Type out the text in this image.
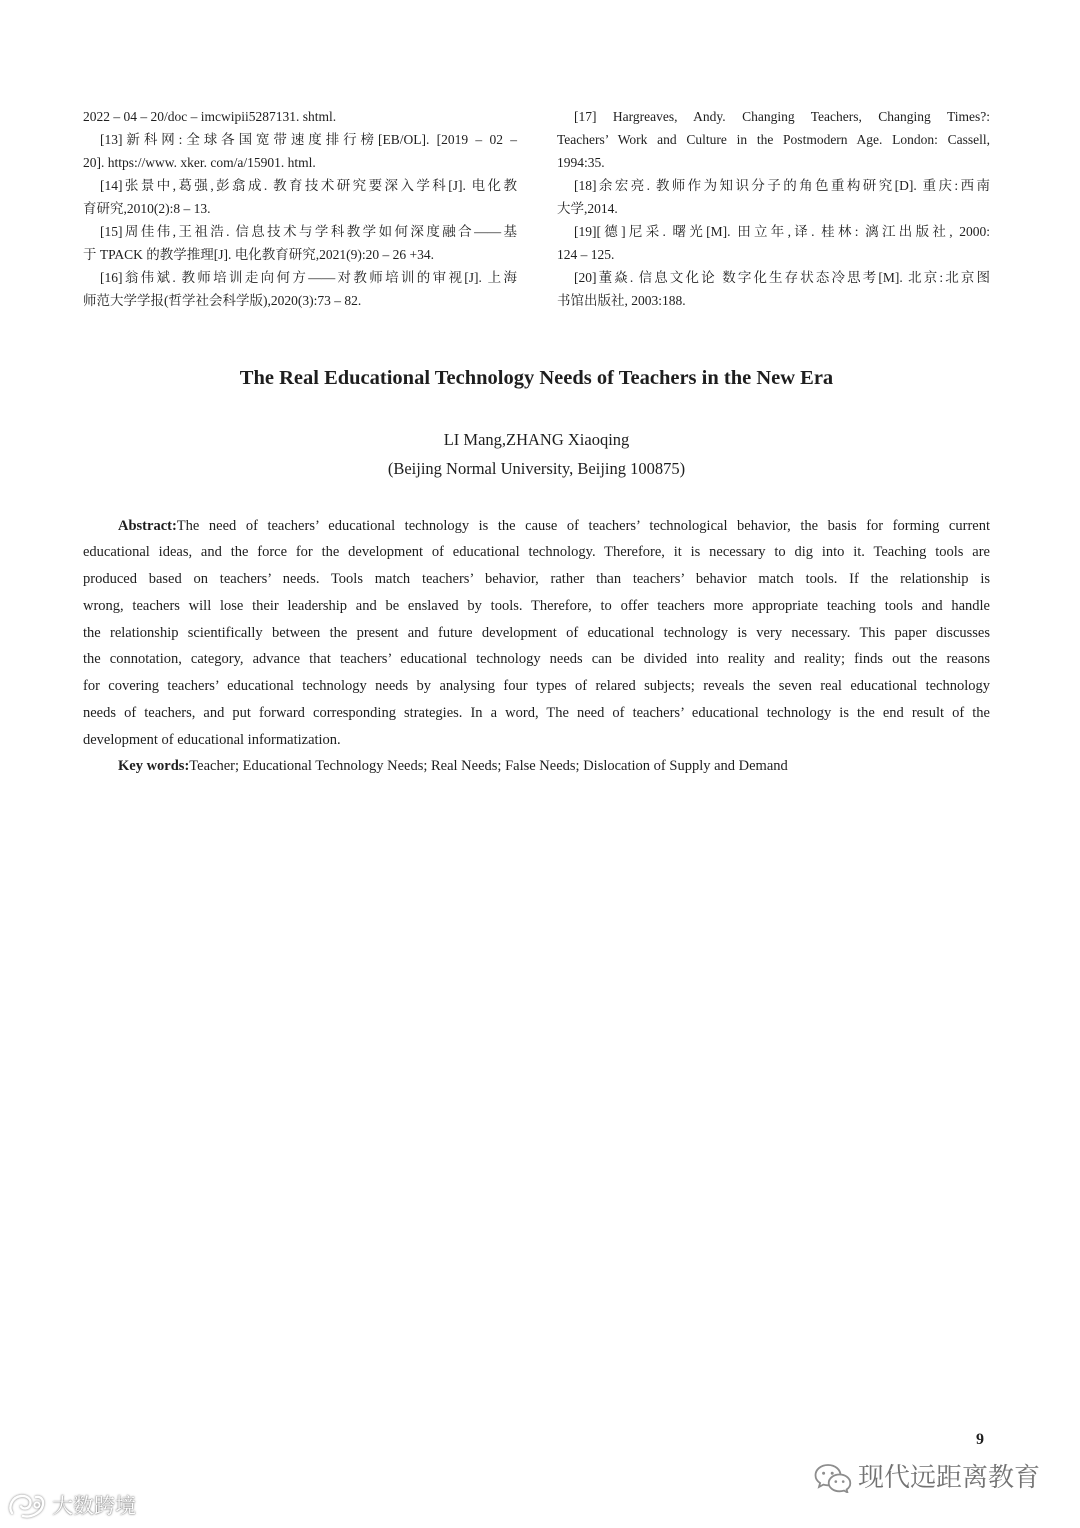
2022 – 04 – 20/doc – imcwipii5287131. shtml.
[13]新科网:全球各国宽带速度排行榜[EB/OL]. [2019 – 02 –
20]. https://www. xker. com/a/15901. html.
[14]张景中,葛强,彭翕成. 教育技术研究要深入学科[J]. 电化教
育研究,2010(2):8 – 13.
[15]周佳伟,王祖浩. 信息技术与学科教学如何深度融合——基
于 TPACK 的教学推理[J]. 电化教育研究,2021(9):20 – 26 +34.
[16]翁伟斌. 教师培训走向何方——对教师培训的审视[J]. 上海
师范大学学报(哲学社会科学版),2020(3):73 – 82.
[17] Hargreaves, Andy. Changing Teachers, Changing Times?:
Teachers’ Work and Culture in the Postmodern Age. London: Cassell,
1994:35.
[18]余宏亮. 教师作为知识分子的角色重构研究[D]. 重庆:西南
大学,2014.
[19][德]尼采. 曙光[M]. 田立年,译. 桂林: 漓江出版社, 2000:
124 – 125.
[20]董焱. 信息文化论 数字化生存状态冷思考[M]. 北京:北京图
书馆出版社, 2003:188.
The Real Educational Technology Needs of Teachers in the New Era
LI Mang,ZHANG Xiaoqing
(Beijing Normal University, Beijing 100875)
Abstract:The need of teachers’ educational technology is the cause of teachers’ technological behavior, the basis for forming current
educational ideas, and the force for the development of educational technology. Therefore, it is necessary to dig into it. Teaching tools are
produced based on teachers’ needs. Tools match teachers’ behavior, rather than teachers’ behavior match tools. If the relationship is
wrong, teachers will lose their leadership and be enslaved by tools. Therefore, to offer teachers more appropriate teaching tools and handle
the relationship scientifically between the present and future development of educational technology is very necessary. This paper discusses
the connotation, category, advance that teachers’ educational technology needs can be divided into reality and reality; finds out the reasons
for covering teachers’ educational technology needs by analysing four types of relared subjects; reveals the seven real educational technology
needs of teachers, and put forward corresponding strategies. In a word, The need of teachers’ educational technology is the end result of the
development of educational informatization.
Key words:Teacher; Educational Technology Needs; Real Needs; False Needs; Dislocation of Supply and Demand
9
现代远距离教育
大数跨境
